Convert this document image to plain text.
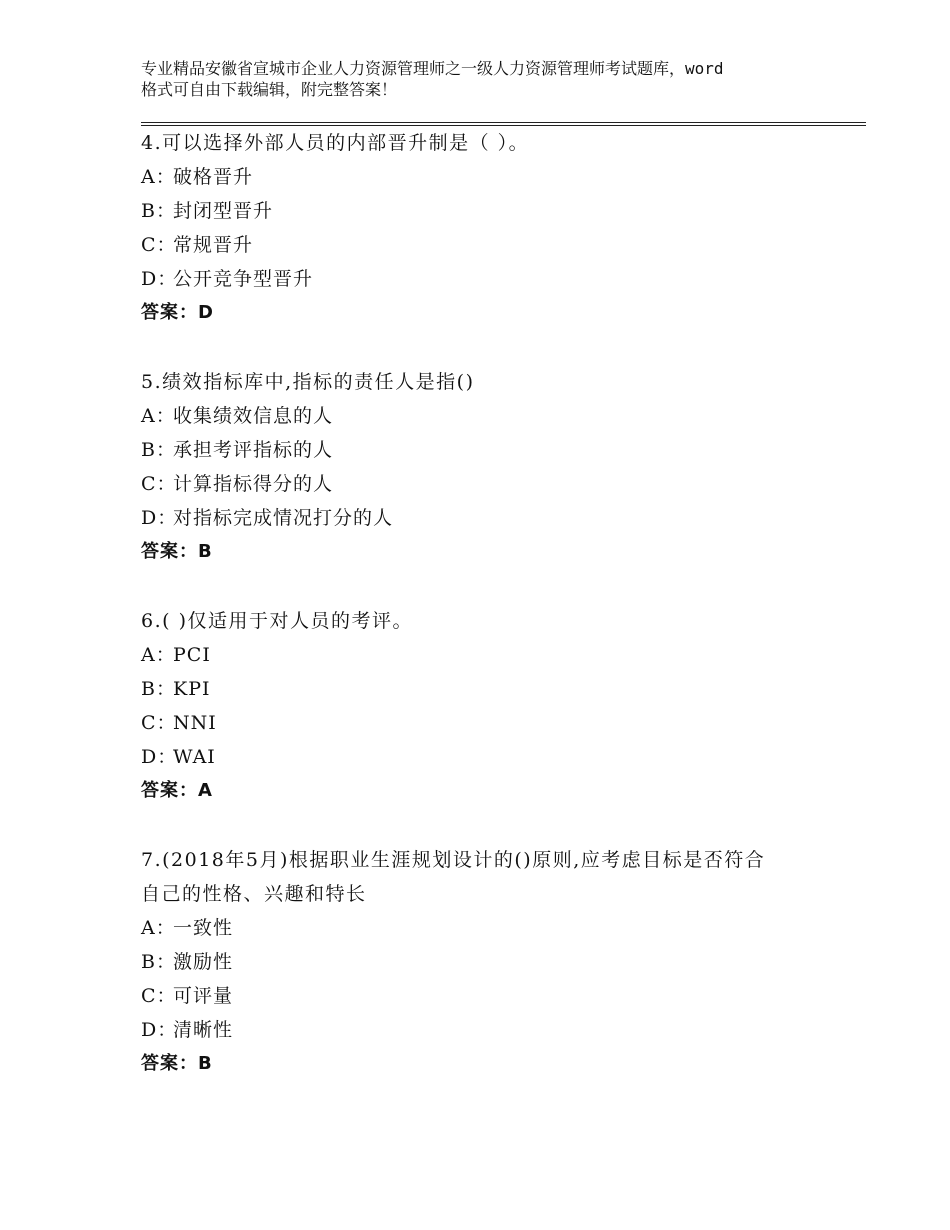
专业精品安徽省宣城市企业人力资源管理师之一级人力资源管理师考试题库，word
格式可自由下载编辑，附完整答案！
4.可以选择外部人员的内部晋升制是（ ）。
A：破格晋升
B：封闭型晋升
C：常规晋升
D：公开竞争型晋升
答案：D
5.绩效指标库中,指标的责任人是指()
A：收集绩效信息的人
B：承担考评指标的人
C：计算指标得分的人
D：对指标完成情况打分的人
答案：B
6.( )仅适用于对人员的考评。
A：PCI
B：KPI
C：NNI
D：WAI
答案：A
7.(2018年5月)根据职业生涯规划设计的()原则,应考虑目标是否符合
自己的性格、兴趣和特长
A：一致性
B：激励性
C：可评量
D：清晰性
答案：B
